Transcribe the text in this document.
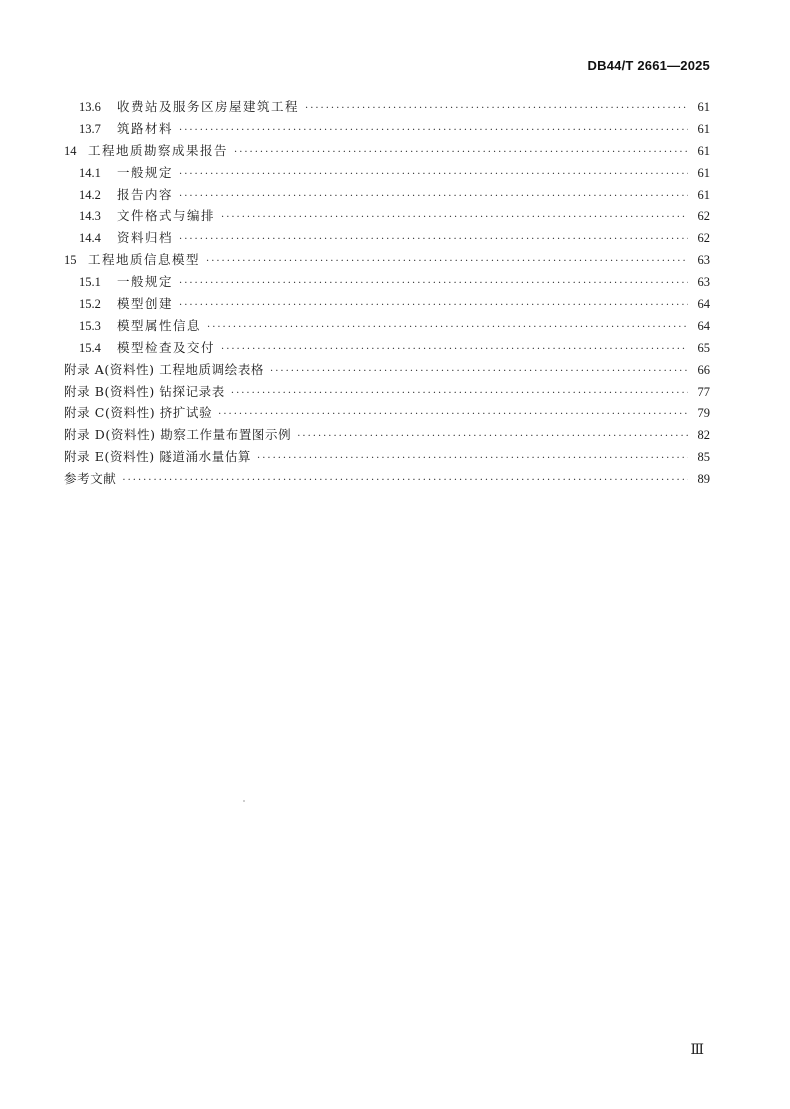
DB44/T 2661—2025
13.6	收费站及服务区房屋建筑工程 ·····	61
13.7	筑路材料 ·····	61
14 工程地质勘察成果报告 ·····	61
14.1	一般规定 ·····	61
14.2	报告内容 ·····	61
14.3	文件格式与编排 ·····	62
14.4	资料归档 ·····	62
15 工程地质信息模型 ·····	63
15.1	一般规定 ·····	63
15.2	模型创建 ·····	64
15.3	模型属性信息 ·····	64
15.4	模型检查及交付 ·····	65
附录 A(资料性) 工程地质调绘表格 ·····	66
附录 B(资料性) 钻探记录表 ·····	77
附录 C(资料性) 挤扩试验 ·····	79
附录 D(资料性) 勘察工作量布置图示例 ·····	82
附录 E(资料性) 隧道涌水量估算 ·····	85
参考文献 ·····	89
Ⅲ
